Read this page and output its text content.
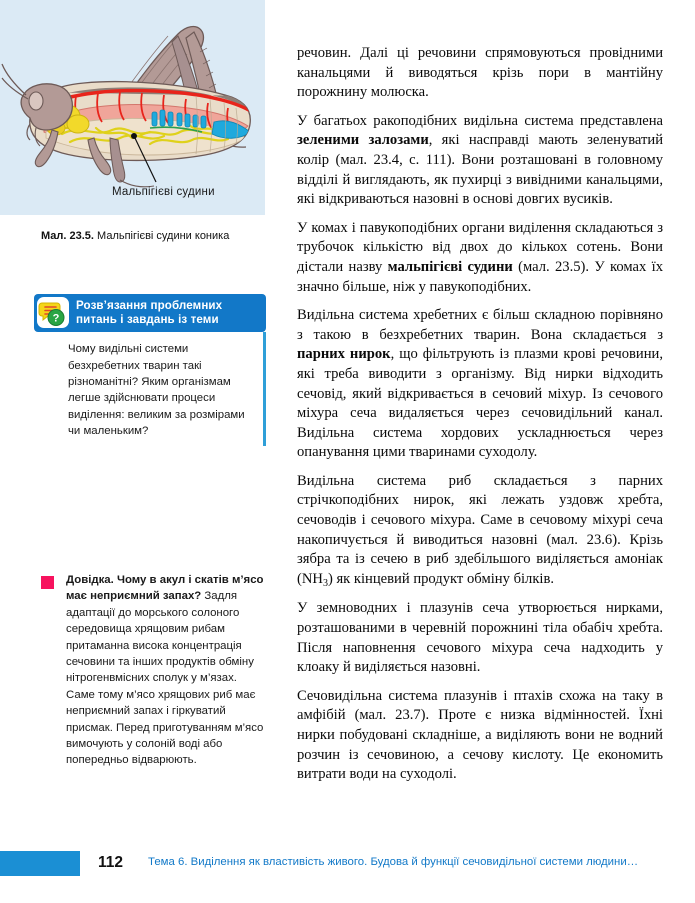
Мальпігієві судини
Мал. 23.5. Мальпігієві судини коника
?
Розв’язання проблемних питань і завдань із теми
Чому видільні системи безхребетних тварин такі різноманітні? Яким організмам легше здійснювати процеси виділення: великим за розмірами чи маленьким?
Довідка. Чому в акул і скатів м’ясо має неприємний запах? Задля адаптації до морського солоного середовища хрящовим рибам притаманна висока концентрація сечовини та інших продуктів обміну нітрогенвмісних сполук у м’язах. Саме тому м’ясо хрящових риб має неприємний запах і гіркуватий присмак. Перед приготуванням м’ясо вимочують у солоній воді або попередньо відварюють.

речовин. Далі ці речовини спрямовуються провідними канальцями й виводяться крізь пори в мантійну порожнину молюска.

У багатьох ракоподібних видільна система представлена зеленими залозами, які насправді мають зеленуватий колір (мал. 23.4, с. 111). Вони розташовані в головному відділі й виглядають, як пухирці з вивідними канальцями, які відкриваються назовні в основі довгих вусиків.

У комах і павукоподібних органи виділення складаються з трубочок кількістю від двох до кількох сотень. Вони дістали назву мальпігієві судини (мал. 23.5). У комах їх значно більше, ніж у павукоподібних.

Видільна система хребетних є більш складною порівняно з такою в безхребетних тварин. Вона складається з парних нирок, що фільтрують із плазми крові речовини, які треба виводити з організму. Від нирки відходить сечовід, який відкривається в сечовий міхур. Із сечового міхура сеча видаляється через сечовидільний канал. Видільна система хордових ускладнюється через опанування цими тваринами суходолу.

Видільна система риб складається з парних стрічкоподібних нирок, які лежать уздовж хребта, сечоводів і сечового міхура. Саме в сечовому міхурі сеча накопичується й виводиться назовні (мал. 23.6). Крізь зябра та із сечею в риб здебільшого виділяється амоніак $(NH_3)$ як кінцевий продукт обміну білків.

У земноводних і плазунів сеча утворюється нирками, розташованими в черевній порожнині тіла обабіч хребта. Після наповнення сечового міхура сеча надходить у клоаку й виділяється назовні.

Сечовидільна система плазунів і птахів схожа на таку в амфібій (мал. 23.7). Проте є низка відмінностей. Їхні нирки побудовані складніше, а виділяють вони не водний розчин із сечовиною, а сечову кислоту. Це економить витрати води на суходолі.

112 Тема 6. Виділення як властивість живого. Будова й функції сечовидільної системи людини…
